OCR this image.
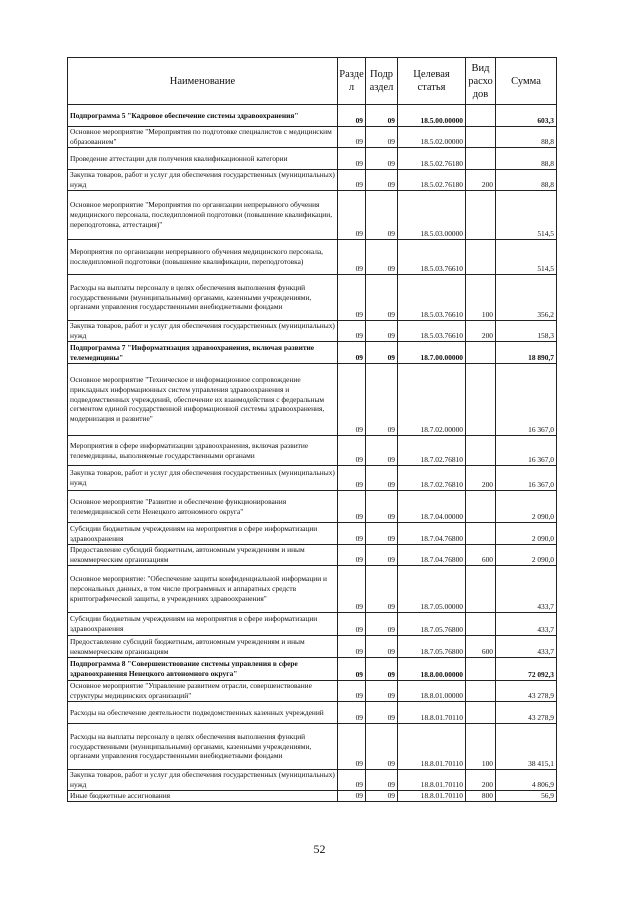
Наименование	Разде л	Подр аздел	Целевая статья	Вид расхо дов	Сумма
Подпрограмма 5 "Кадровое обеспечение системы здравоохранения"	09	09	18.5.00.00000		603,3
Основное мероприятие "Мероприятия по подготовке специалистов с медицинским образованием"	09	09	18.5.02.00000		88,8
Проведение аттестации для получения квалификационной категории	09	09	18.5.02.76180		88,8
Закупка товаров, работ и услуг для обеспечения государственных (муниципальных) нужд	09	09	18.5.02.76180	200	88,8
Основное мероприятие "Мероприятия по организации непрерывного обучения медицинского персонала, последипломной подготовки (повышение квалификации, переподготовка, аттестация)"	09	09	18.5.03.00000		514,5
Мероприятия по организации непрерывного обучения медицинского персонала, последипломной подготовки (повышение квалификации, переподготовка)	09	09	18.5.03.76610		514,5
Расходы на выплаты персоналу в целях обеспечения выполнения функций государственными (муниципальными) органами, казенными учреждениями, органами управления государственными внебюджетными фондами	09	09	18.5.03.76610	100	356,2
Закупка товаров, работ и услуг для обеспечения государственных (муниципальных) нужд	09	09	18.5.03.76610	200	158,3
Подпрограмма 7 "Информатизация здравоохранения, включая развитие телемедицины"	09	09	18.7.00.00000		18 890,7
Основное мероприятие "Техническое и информационное сопровождение прикладных информационных систем управления здравоохранения и подведомственных учреждений, обеспечение их взаимодействия с федеральным сегментом единой государственной информационной системы здравоохранения, модернизация и развитие"	09	09	18.7.02.00000		16 367,0
Мероприятия в сфере информатизации здравоохранения, включая развитие телемедицины, выполняемые государственными органами	09	09	18.7.02.76810		16 367,0
Закупка товаров, работ и услуг для обеспечения государственных (муниципальных) нужд	09	09	18.7.02.76810	200	16 367,0
Основное мероприятие "Развитие и обеспечение функционирования телемедицинской сети Ненецкого автономного округа"	09	09	18.7.04.00000		2 090,0
Субсидии бюджетным учреждениям на мероприятия в сфере информатизации здравоохранения	09	09	18.7.04.76800		2 090,0
Предоставление субсидий бюджетным, автономным учреждениям и иным некоммерческим организациям	09	09	18.7.04.76800	600	2 090,0
Основное мероприятие: "Обеспечение защиты конфиденциальной информации и персональных данных, в том числе программных и аппаратных средств криптографической защиты, в учреждениях здравоохранения"	09	09	18.7.05.00000		433,7
Субсидии бюджетным учреждениям на мероприятия в сфере информатизации здравоохранения	09	09	18.7.05.76800		433,7
Предоставление субсидий бюджетным, автономным учреждениям и иным некоммерческим организациям	09	09	18.7.05.76800	600	433,7
Подпрограмма 8 "Совершенствование системы управления в сфере здравоохранения Ненецкого автономного округа"	09	09	18.8.00.00000		72 092,3
Основное мероприятие "Управление развитием отрасли, совершенствование структуры медицинских организаций"	09	09	18.8.01.00000		43 278,9
Расходы на обеспечение деятельности подведомственных казенных учреждений	09	09	18.8.01.70110		43 278,9
Расходы на выплаты персоналу в целях обеспечения выполнения функций государственными (муниципальными) органами, казенными учреждениями, органами управления государственными внебюджетными фондами	09	09	18.8.01.70110	100	38 415,1
Закупка товаров, работ и услуг для обеспечения государственных (муниципальных) нужд	09	09	18.8.01.70110	200	4 806,9
Иные бюджетные ассигнования	09	09	18.8.01.70110	800	56,9
52
